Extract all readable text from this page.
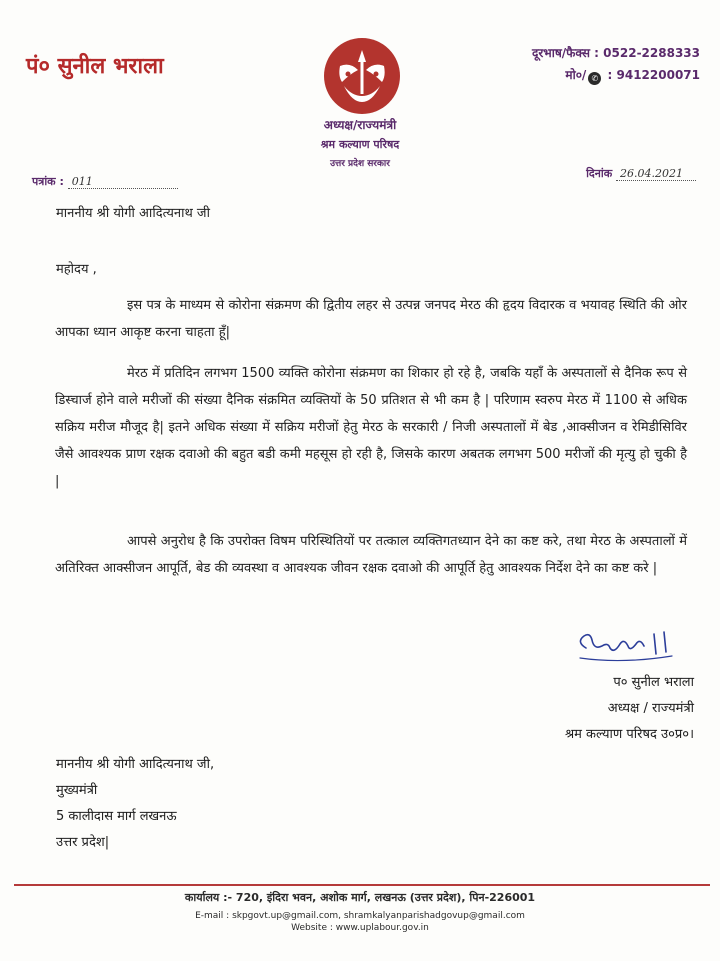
पं० सुनील भराला
अध्यक्ष/राज्यमंत्री
श्रम कल्याण परिषद
उत्तर प्रदेश सरकार
दूरभाष/फैक्स : 0522-2288333
मो०/ ✆ : 9412200071
पत्रांक : 011
दिनांक 26.04.2021
माननीय श्री योगी आदित्यनाथ जी
महोदय ,
इस पत्र के माध्यम से कोरोना संक्रमण की द्वितीय लहर से उत्पन्न जनपद मेरठ की हृदय विदारक व भयावह स्थिति की ओर आपका ध्यान आकृष्ट करना चाहता हूँ|
मेरठ में प्रतिदिन लगभग 1500 व्यक्ति कोरोना संक्रमण का शिकार हो रहे है, जबकि यहाँ के अस्पतालों से दैनिक रूप से डिस्चार्ज होने वाले मरीजों की संख्या दैनिक संक्रमित व्यक्तियों के 50 प्रतिशत से भी कम है | परिणाम स्वरुप मेरठ में 1100 से अधिक सक्रिय मरीज मौजूद है| इतने अधिक संख्या में सक्रिय मरीजों हेतु मेरठ के सरकारी / निजी अस्पतालों में बेड ,आक्सीजन व रेमिडीसिविर जैसे आवश्यक प्राण रक्षक दवाओ की बहुत बडी कमी महसूस हो रही है, जिसके कारण अबतक लगभग 500 मरीजों की मृत्यु हो चुकी है |
आपसे अनुरोध है कि उपरोक्त विषम परिस्थितियों पर तत्काल व्यक्तिगतध्यान देने का कष्ट करे, तथा मेरठ के अस्पतालों में अतिरिक्त आक्सीजन आपूर्ति, बेड की व्यवस्था व आवश्यक जीवन रक्षक दवाओ की आपूर्ति हेतु आवश्यक निर्देश देने का कष्ट करे |
प० सुनील भराला
अध्यक्ष / राज्यमंत्री
श्रम कल्याण परिषद उ०प्र०।
माननीय श्री योगी आदित्यनाथ जी,
मुख्यमंत्री
5 कालीदास मार्ग लखनऊ
उत्तर प्रदेश|
कार्यालय :- 720, इंदिरा भवन, अशोक मार्ग, लखनऊ (उत्तर प्रदेश), पिन-226001
E-mail : skpgovt.up@gmail.com, shramkalyanparishadgovup@gmail.com
Website : www.uplabour.gov.in
